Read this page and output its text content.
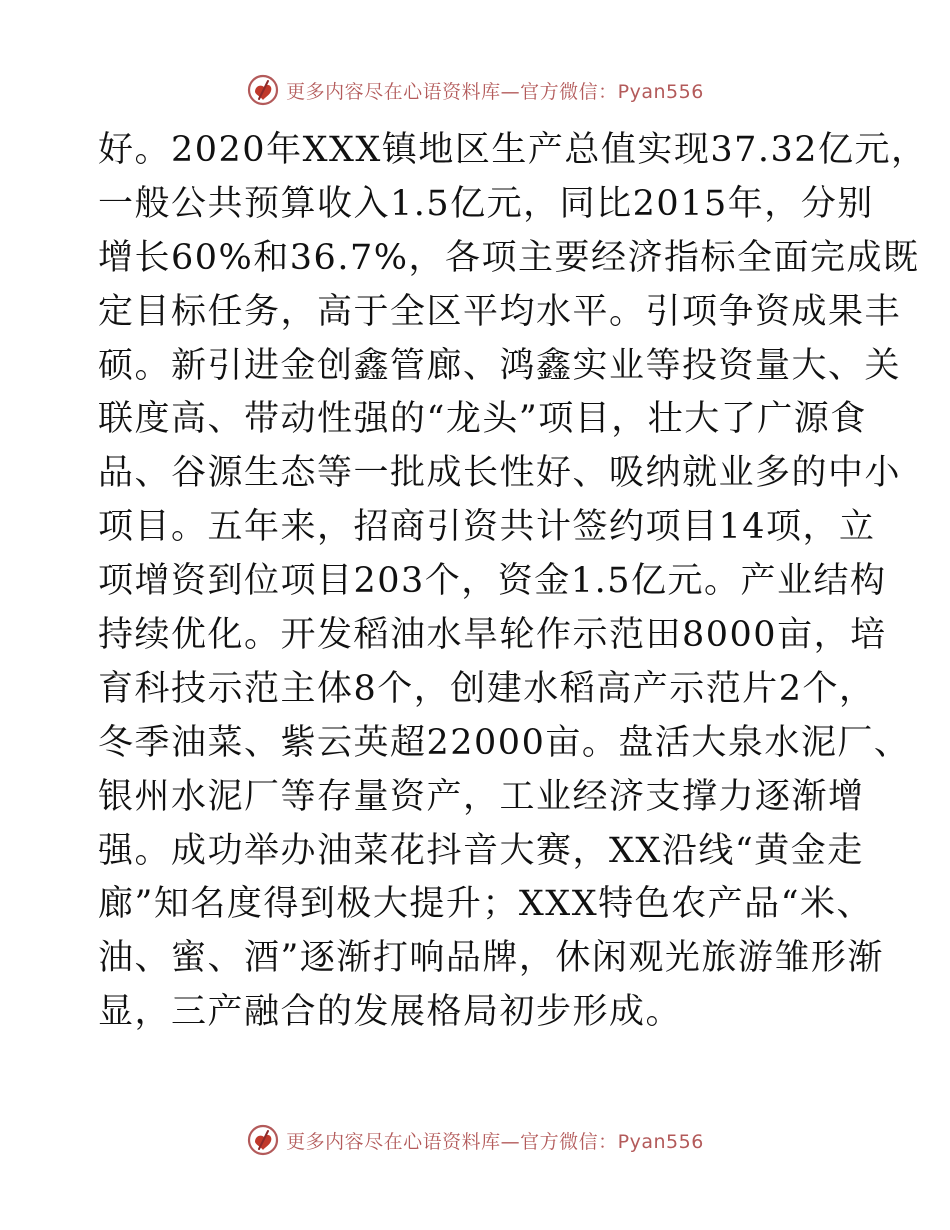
更多内容尽在心语资料库—官方微信：Pyan556
好。2020年XXX镇地区生产总值实现37.32亿元，
一般公共预算收入1.5亿元，同比2015年，分别
增长60%和36.7%，各项主要经济指标全面完成既
定目标任务，高于全区平均水平。引项争资成果丰
硕。新引进金创鑫管廊、鸿鑫实业等投资量大、关
联度高、带动性强的“龙头”项目，壮大了广源食
品、谷源生态等一批成长性好、吸纳就业多的中小
项目。五年来，招商引资共计签约项目14项，立
项增资到位项目203个，资金1.5亿元。产业结构
持续优化。开发稻油水旱轮作示范田8000亩，培
育科技示范主体8个，创建水稻高产示范片2个，
冬季油菜、紫云英超22000亩。盘活大泉水泥厂、
银州水泥厂等存量资产，工业经济支撑力逐渐增
强。成功举办油菜花抖音大赛，XX沿线“黄金走
廊”知名度得到极大提升；XXX特色农产品“米、
油、蜜、酒”逐渐打响品牌，休闲观光旅游雏形渐
显，三产融合的发展格局初步形成。
更多内容尽在心语资料库—官方微信：Pyan556
